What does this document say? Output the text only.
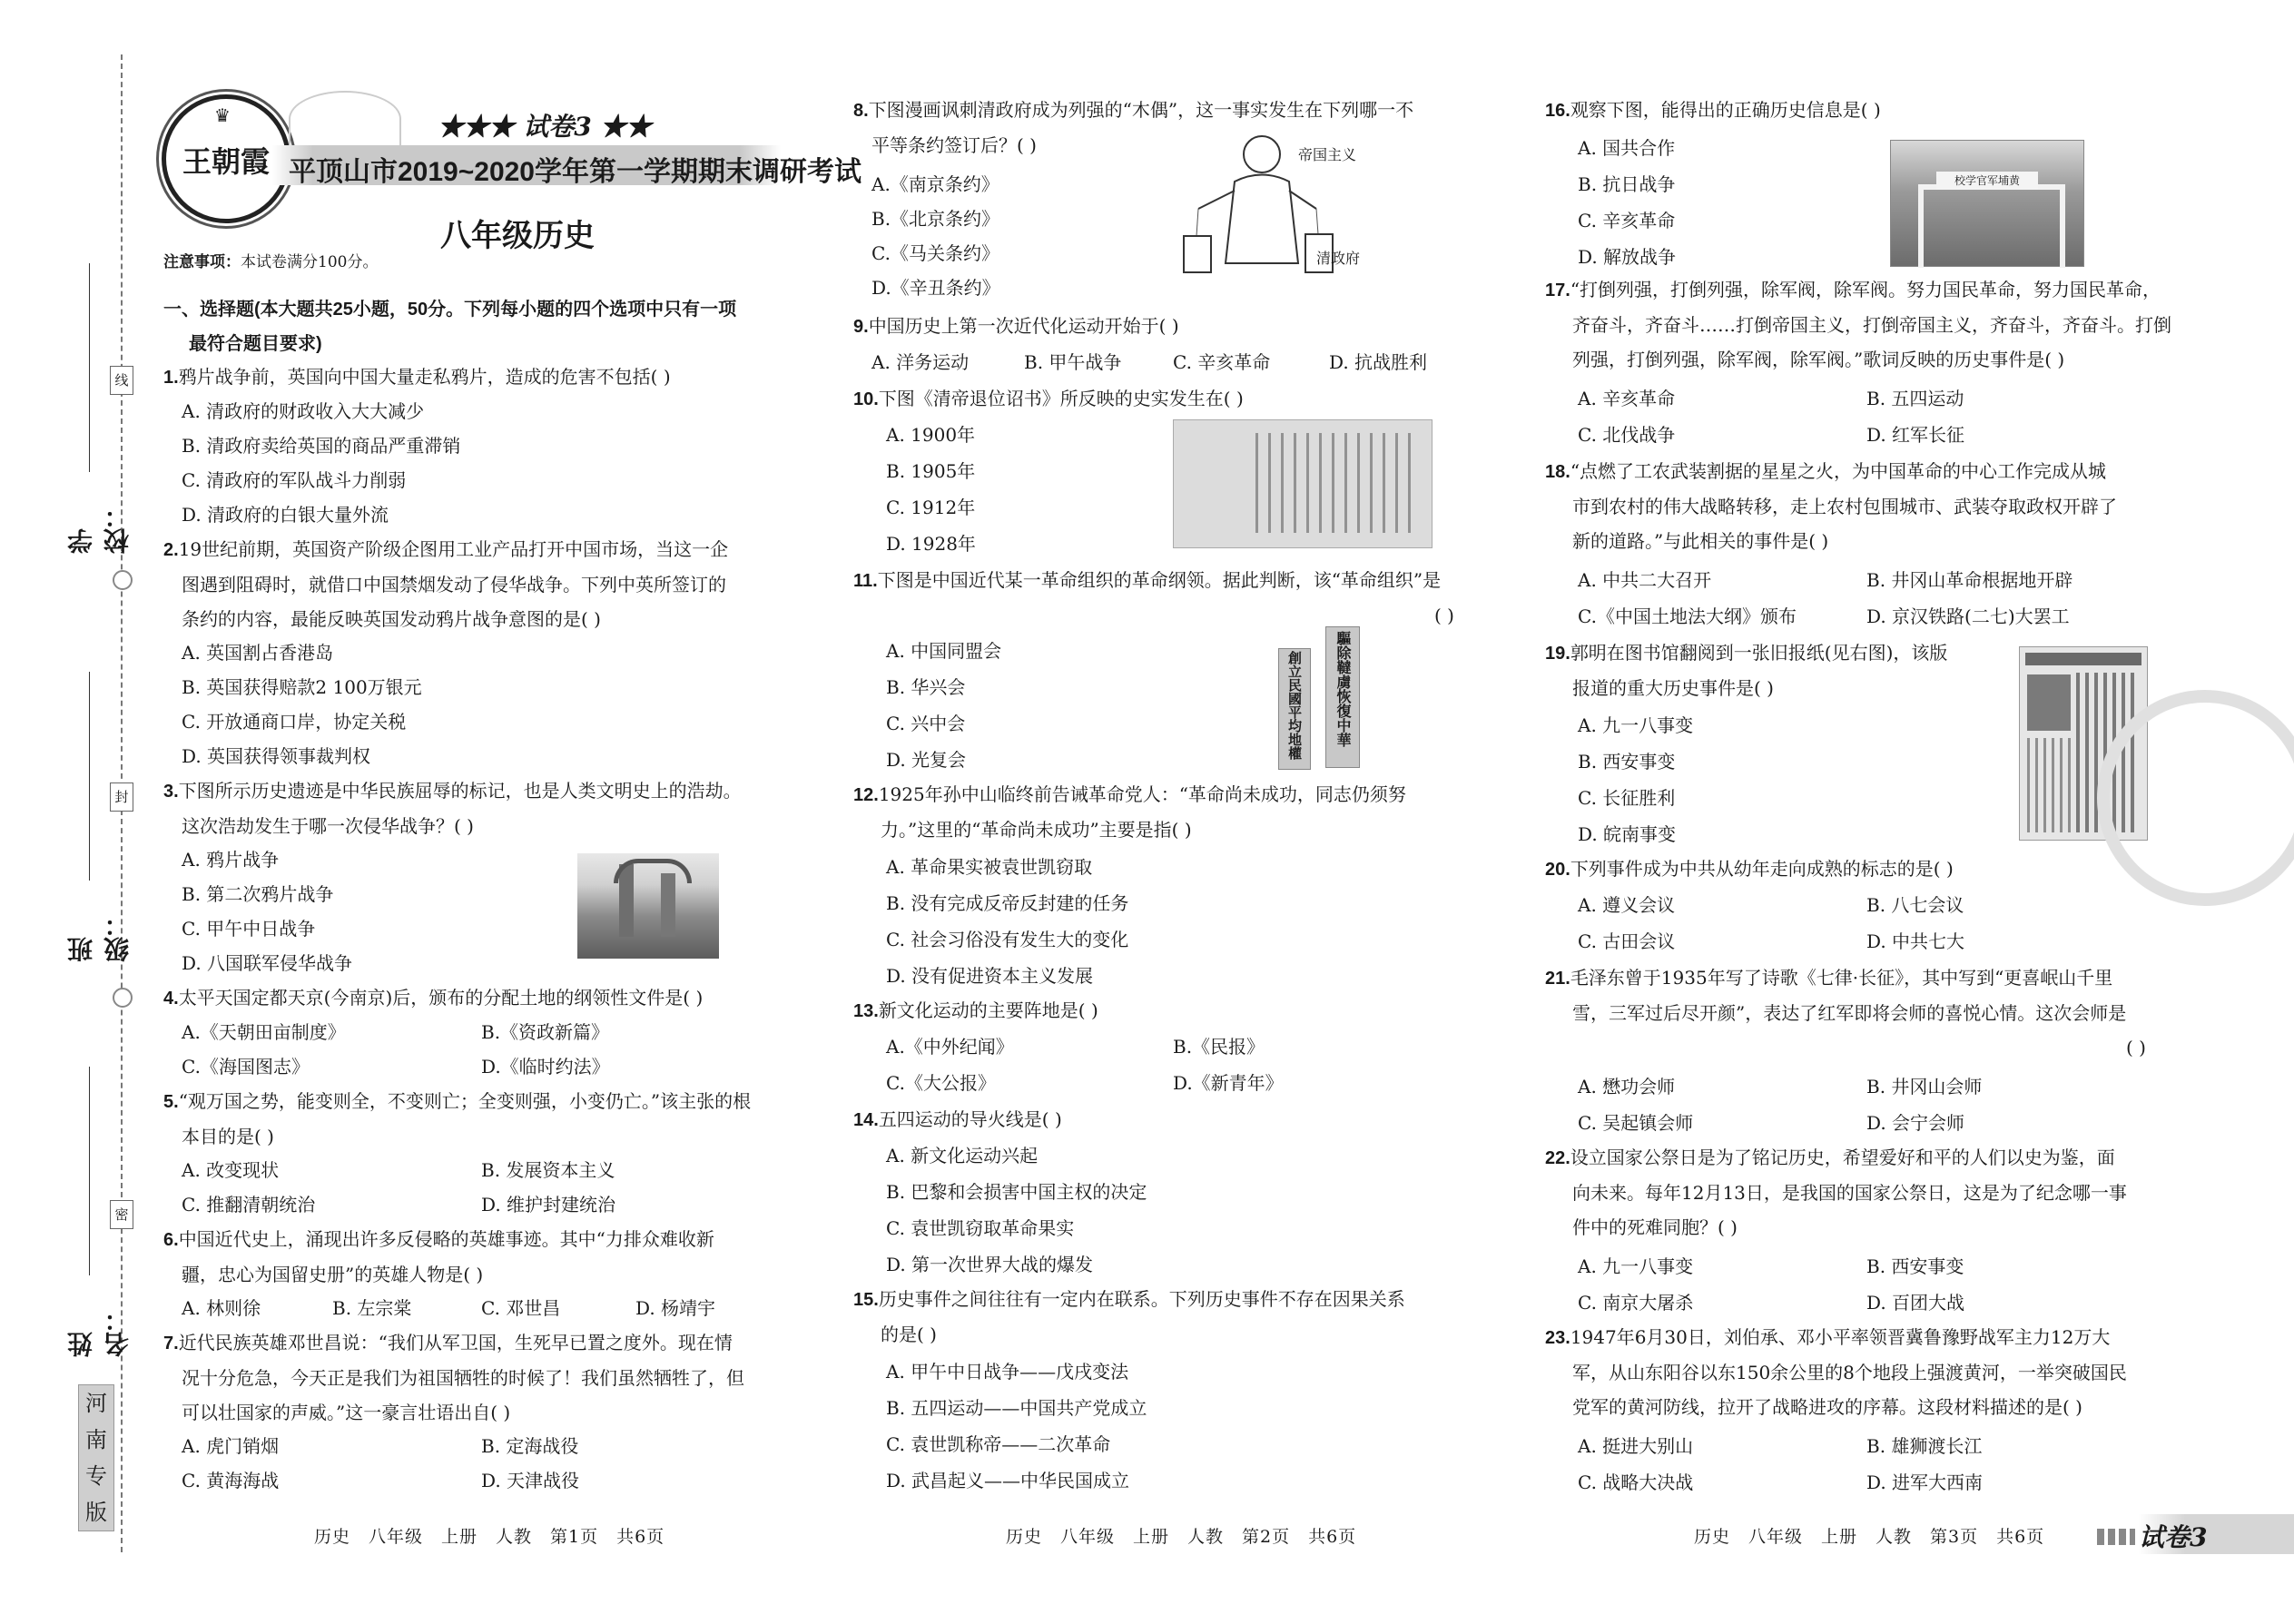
线
封
密
学校：
班级：
姓名：
河
南
专
版
♛
王朝霞
★★★ 试卷3 ★★
平顶山市2019~2020学年第一学期期末调研考试
八年级历史
注意事项：本试卷满分100分。
一、选择题(本大题共25小题，50分。下列每小题的四个选项中只有一项
最符合题目要求)
1.鸦片战争前，英国向中国大量走私鸦片，造成的危害不包括( )
A. 清政府的财政收入大大减少
B. 清政府卖给英国的商品严重滞销
C. 清政府的军队战斗力削弱
D. 清政府的白银大量外流
2.19世纪前期，英国资产阶级企图用工业产品打开中国市场，当这一企
图遇到阻碍时，就借口中国禁烟发动了侵华战争。下列中英所签订的
条约的内容，最能反映英国发动鸦片战争意图的是( )
A. 英国割占香港岛
B. 英国获得赔款2 100万银元
C. 开放通商口岸，协定关税
D. 英国获得领事裁判权
3.下图所示历史遗迹是中华民族屈辱的标记，也是人类文明史上的浩劫。
这次浩劫发生于哪一次侵华战争？( )
A. 鸦片战争
B. 第二次鸦片战争
C. 甲午中日战争
D. 八国联军侵华战争
4.太平天国定都天京(今南京)后，颁布的分配土地的纲领性文件是( )
A.《天朝田亩制度》	B.《资政新篇》
C.《海国图志》	D.《临时约法》
5.“观万国之势，能变则全，不变则亡；全变则强，小变仍亡。”该主张的根
本目的是( )
A. 改变现状	B. 发展资本主义
C. 推翻清朝统治	D. 维护封建统治
6.中国近代史上，涌现出许多反侵略的英雄事迹。其中“力排众难收新
疆，忠心为国留史册”的英雄人物是( )
A. 林则徐	B. 左宗棠	C. 邓世昌	D. 杨靖宇
7.近代民族英雄邓世昌说：“我们从军卫国，生死早已置之度外。现在情
况十分危急，今天正是我们为祖国牺牲的时候了！我们虽然牺牲了，但
可以壮国家的声威。”这一豪言壮语出自( )
A. 虎门销烟	B. 定海战役
C. 黄海海战	D. 天津战役
8.下图漫画讽刺清政府成为列强的“木偶”，这一事实发生在下列哪一不
平等条约签订后？( )
A.《南京条约》
B.《北京条约》
C.《马关条约》
D.《辛丑条约》
帝国主义
清政府
9.中国历史上第一次近代化运动开始于( )
A. 洋务运动	B. 甲午战争	C. 辛亥革命	D. 抗战胜利
10.下图《清帝退位诏书》所反映的史实发生在( )
A. 1900年
B. 1905年
C. 1912年
D. 1928年
11.下图是中国近代某一革命组织的革命纲领。据此判断，该“革命组织”是
( )
A. 中国同盟会
B. 华兴会
C. 兴中会
D. 光复会	創立民國平均地權	驅除韃虜恢復中華
12.1925年孙中山临终前告诫革命党人：“革命尚未成功，同志仍须努
力。”这里的“革命尚未成功”主要是指( )
A. 革命果实被袁世凯窃取
B. 没有完成反帝反封建的任务
C. 社会习俗没有发生大的变化
D. 没有促进资本主义发展
13.新文化运动的主要阵地是( )
A.《中外纪闻》	B.《民报》
C.《大公报》	D.《新青年》
14.五四运动的导火线是( )
A. 新文化运动兴起
B. 巴黎和会损害中国主权的决定
C. 袁世凯窃取革命果实
D. 第一次世界大战的爆发
15.历史事件之间往往有一定内在联系。下列历史事件不存在因果关系
的是( )
A. 甲午中日战争——戊戌变法
B. 五四运动——中国共产党成立
C. 袁世凯称帝——二次革命
D. 武昌起义——中华民国成立
16.观察下图，能得出的正确历史信息是( )
A. 国共合作
B. 抗日战争
C. 辛亥革命
D. 解放战争
校学官军埔黄
17.“打倒列强，打倒列强，除军阀，除军阀。努力国民革命，努力国民革命，
齐奋斗，齐奋斗……打倒帝国主义，打倒帝国主义，齐奋斗，齐奋斗。打倒
列强，打倒列强，除军阀，除军阀。”歌词反映的历史事件是( )
A. 辛亥革命	B. 五四运动
C. 北伐战争	D. 红军长征
18.“点燃了工农武装割据的星星之火，为中国革命的中心工作完成从城
市到农村的伟大战略转移，走上农村包围城市、武装夺取政权开辟了
新的道路。”与此相关的事件是( )
A. 中共二大召开	B. 井冈山革命根据地开辟
C.《中国土地法大纲》颁布	D. 京汉铁路(二七)大罢工
19.郭明在图书馆翻阅到一张旧报纸(见右图)，该版
报道的重大历史事件是( )
A. 九一八事变
B. 西安事变
C. 长征胜利
D. 皖南事变
20.下列事件成为中共从幼年走向成熟的标志的是( )
A. 遵义会议	B. 八七会议
C. 古田会议	D. 中共七大
21.毛泽东曾于1935年写了诗歌《七律·长征》，其中写到“更喜岷山千里
雪，三军过后尽开颜”，表达了红军即将会师的喜悦心情。这次会师是
( )
A. 懋功会师	B. 井冈山会师
C. 吴起镇会师	D. 会宁会师
22.设立国家公祭日是为了铭记历史，希望爱好和平的人们以史为鉴，面
向未来。每年12月13日，是我国的国家公祭日，这是为了纪念哪一事
件中的死难同胞？( )
A. 九一八事变	B. 西安事变
C. 南京大屠杀	D. 百团大战
23.1947年6月30日，刘伯承、邓小平率领晋冀鲁豫野战军主力12万大
军，从山东阳谷以东150余公里的8个地段上强渡黄河，一举突破国民
党军的黄河防线，拉开了战略进攻的序幕。这段材料描述的是( )
A. 挺进大别山	B. 雄狮渡长江
C. 战略大决战	D. 进军大西南
历史　八年级　上册　人教　第1页　共6页	历史　八年级　上册　人教　第2页　共6页	历史　八年级　上册　人教　第3页　共6页	试卷3
